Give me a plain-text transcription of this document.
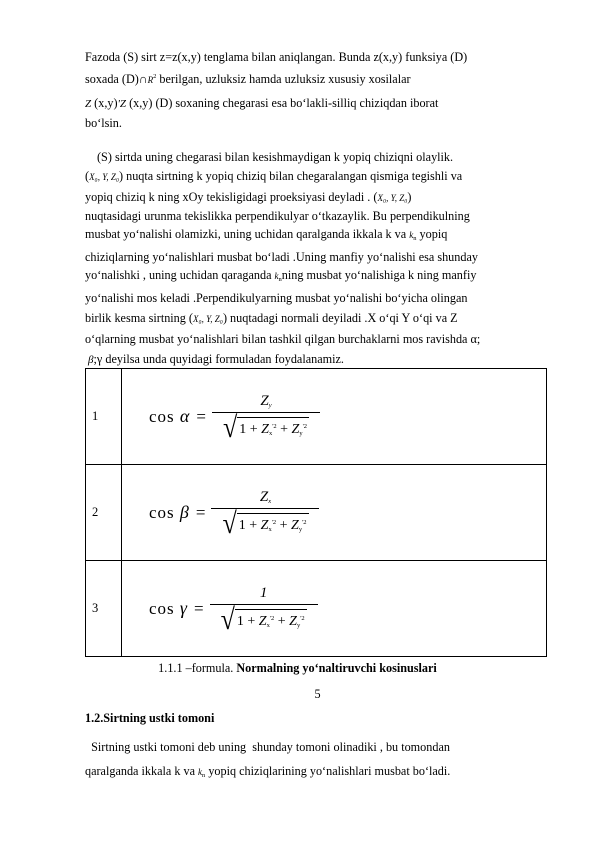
Fazoda (S) sirt z=z(x,y) tenglama bilan aniqlangan. Bunda z(x,y) funksiya (D)
soxada $(D)\cap R^2$ berilgan, uzluksiz hamda uzluksiz xususiy xosilalar
Z (x,y)'Z (x,y) (D) soxaning chegarasi esa bo‘lakli-silliq chiziqdan iborat
bo‘lsin.
(S) sirtda uning chegarasi bilan kesishmaydigan k yopiq chiziqni olaylik.
(X₀, Y, Z₀) nuqta sirtning k yopiq chiziq bilan chegaralangan qismiga tegishli va
yopiq chiziq k ning xOy tekisligidagi proeksiyasi deyladi . (X₀, Y, Z₀)
nuqtasidagi urunma tekislikka perpendikulyar o‘tkazaylik. Bu perpendikulning
musbat yo‘nalishi olamizki, uning uchidan qaralganda ikkala k va $k_n$ yopiq
chiziqlarning yo‘nalishlari musbat bo‘ladi .Uning manfiy yo‘nalishi esa shunday
yo‘nalishki , uning uchidan qaraganda $k_nning$ musbat yo‘nalishiga k ning manfiy
yo‘nalishi mos keladi .Perpendikulyarning musbat yo‘nalishi bo‘yicha olingan
birlik kesma sirtning (X₀, Y, Z₀) nuqtadagi normali deyiladi .X o‘qi Y o‘qi va Z
o‘qlarning musbat yo‘nalishlari bilan tashkil qilgan burchaklarni mos ravishda α;
β;γ deyilsa unda quyidagi formuladan foydalanamiz.
1	$\cos \alpha = \frac{Z_y}{√ 1 + Z_x^{'2} + Z_y^{'2}}$

2	$\cos \beta = \frac{Z_x}{√ 1 + Z_x^{'2} + Z_y^{'2}}$

3	$\cos \gamma = \frac{1}{√ 1 + Z_x^{'2} + Z_y^{'2}}$
1.1.1 –formula. Normalning yo‘naltiruvchi kosinuslari
5
1.2.Sirtning ustki tomoni
Sirtning ustki tomoni deb uning  shunday tomoni olinadiki , bu tomondan
qaralganda ikkala k va $k_n$ yopiq chiziqlarining yo‘nalishlari musbat bo‘ladi.
